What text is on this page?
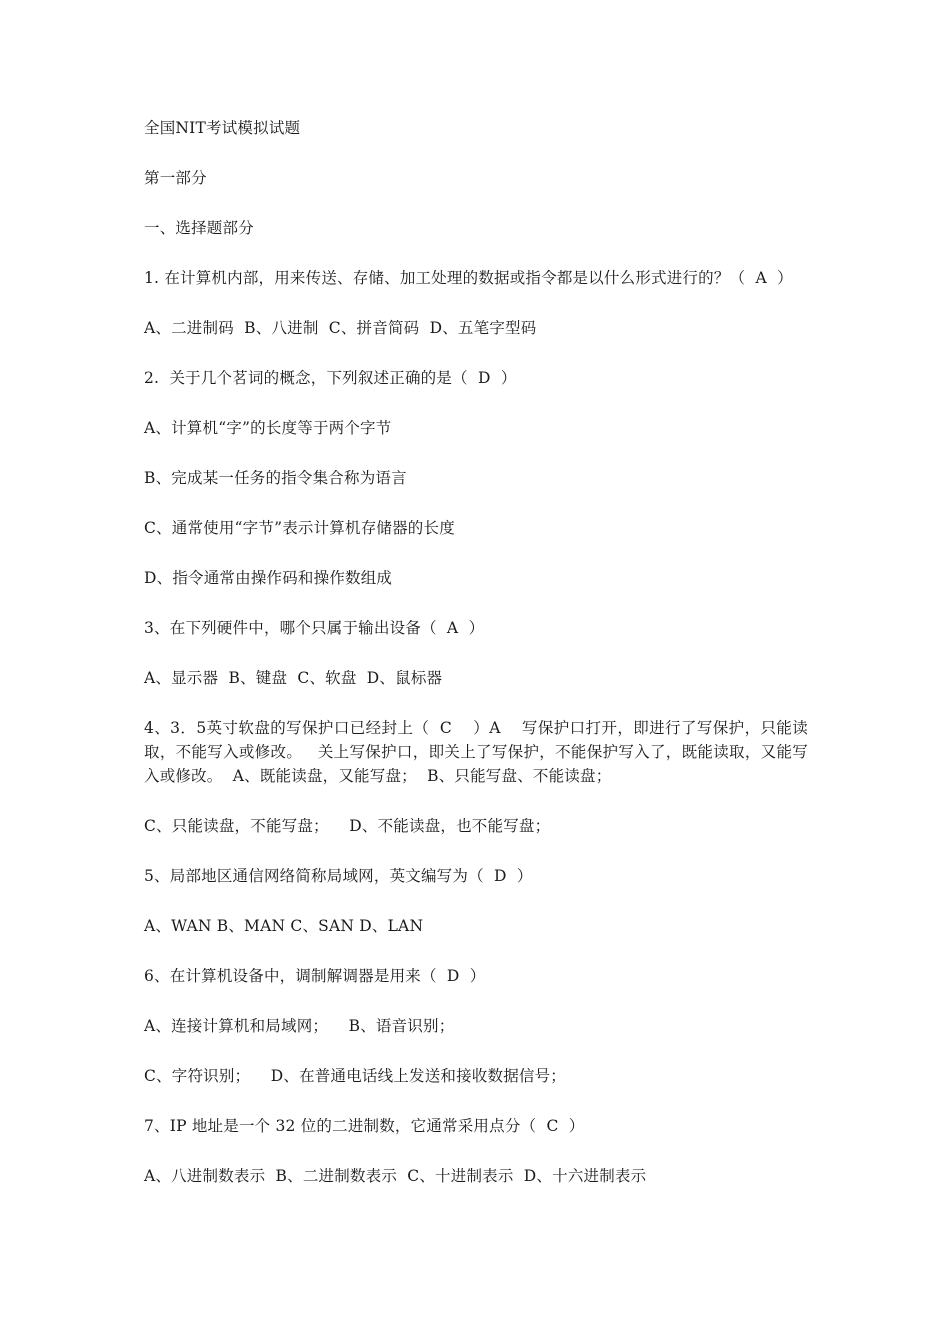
全国NIT考试模拟试题

第一部分

一、选择题部分

1. 在计算机内部，用来传送、存储、加工处理的数据或指令都是以什么形式进行的？（  A  ）

A、二进制码  B、八进制  C、拼音简码  D、五笔字型码

2.  关于几个茗词的概念，下列叙述正确的是（  D  ）

A、计算机“字”的长度等于两个字节

B、完成某一任务的指令集合称为语言

C、通常使用“字节”表示计算机存储器的长度

D、指令通常由操作码和操作数组成

3、在下列硬件中，哪个只属于输出设备（  A  ）

A、显示器  B、键盘  C、软盘  D、鼠标器

4、3．5英寸软盘的写保护口已经封上（  C    ）A    写保护口打开，即进行了写保护，只能读取，不能写入或修改。   关上写保护口，即关上了写保护，不能保护写入了，既能读取，又能写入或修改。  A、既能读盘，又能写盘；  B、只能写盘、不能读盘；

C、只能读盘，不能写盘；    D、不能读盘，也不能写盘；

5、局部地区通信网络简称局域网，英文编写为（  D  ）

A、WAN B、MAN C、SAN D、LAN

6、在计算机设备中，调制解调器是用来（  D  ）

A、连接计算机和局域网；    B、语音识别；

C、字符识别；    D、在普通电话线上发送和接收数据信号；

7、IP 地址是一个 32 位的二进制数，它通常采用点分（  C  ）

A、八进制数表示  B、二进制数表示  C、十进制表示  D、十六进制表示
